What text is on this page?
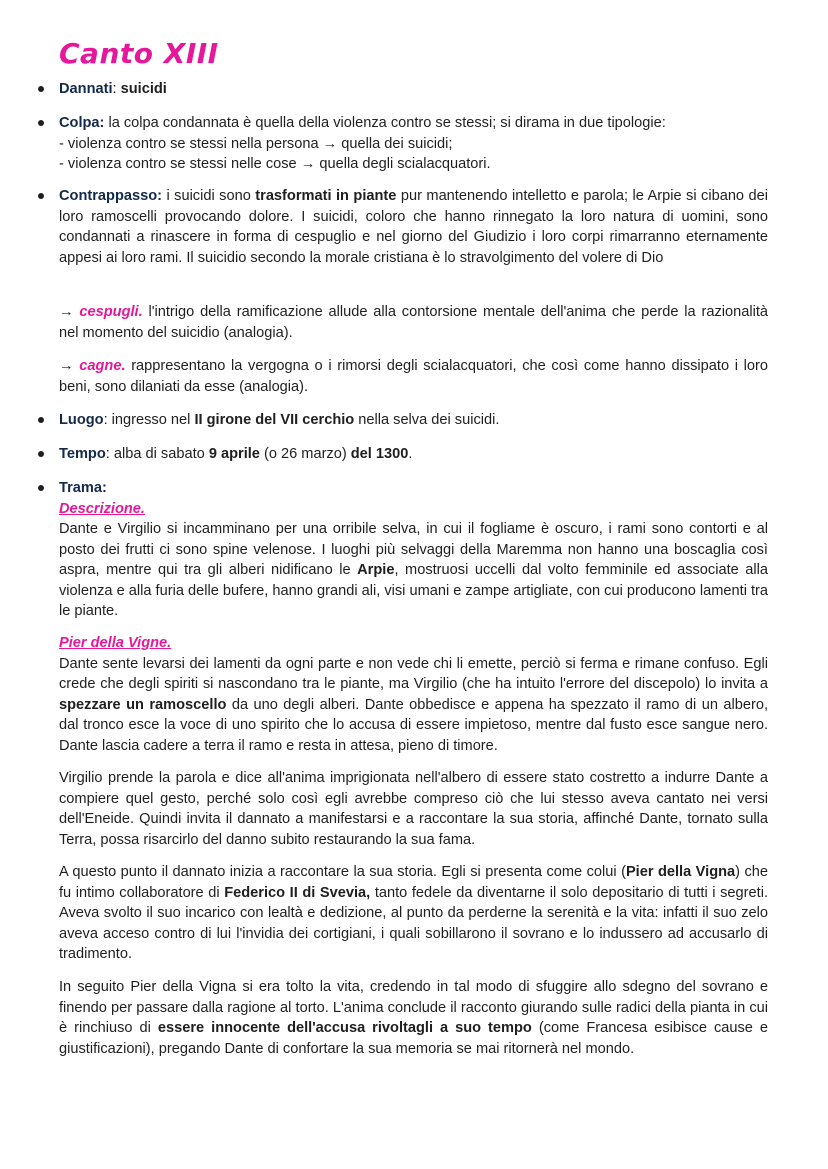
Canto XIII

Dannati: suicidi

Colpa: la colpa condannata è quella della violenza contro se stessi; si dirama in due tipologie:

- violenza contro se stessi nella persona → quella dei suicidi;

- violenza contro se stessi nelle cose → quella degli scialacquatori.

Contrappasso: i suicidi sono trasformati in piante pur mantenendo intelletto e parola; le Arpie si cibano dei loro ramoscelli provocando dolore. I suicidi, coloro che hanno rinnegato la loro natura di uomini, sono condannati a rinascere in forma di cespuglio e nel giorno del Giudizio i loro corpi rimarranno eternamente appesi ai loro rami. Il suicidio secondo la morale cristiana è lo stravolgimento del volere di Dio

→ cespugli. l'intrigo della ramificazione allude alla contorsione mentale dell'anima che perde la razionalità nel momento del suicidio (analogia).

→ cagne. rappresentano la vergogna o i rimorsi degli scialacquatori, che così come hanno dissipato i loro beni, sono dilaniati da esse (analogia).

Luogo: ingresso nel II girone del VII cerchio nella selva dei suicidi.

Tempo: alba di sabato 9 aprile (o 26 marzo) del 1300.

Trama:

Descrizione.

Dante e Virgilio si incamminano per una orribile selva, in cui il fogliame è oscuro, i rami sono contorti e al posto dei frutti ci sono spine velenose. I luoghi più selvaggi della Maremma non hanno una boscaglia così aspra, mentre qui tra gli alberi nidificano le Arpie, mostruosi uccelli dal volto femminile ed associate alla violenza e alla furia delle bufere, hanno grandi ali, visi umani e zampe artigliate, con cui producono lamenti tra le piante.

Pier della Vigne.

Dante sente levarsi dei lamenti da ogni parte e non vede chi li emette, perciò si ferma e rimane confuso. Egli crede che degli spiriti si nascondano tra le piante, ma Virgilio (che ha intuito l'errore del discepolo) lo invita a spezzare un ramoscello da uno degli alberi. Dante obbedisce e appena ha spezzato il ramo di un albero, dal tronco esce la voce di uno spirito che lo accusa di essere impietoso, mentre dal fusto esce sangue nero. Dante lascia cadere a terra il ramo e resta in attesa, pieno di timore.

Virgilio prende la parola e dice all'anima imprigionata nell'albero di essere stato costretto a indurre Dante a compiere quel gesto, perché solo così egli avrebbe compreso ciò che lui stesso aveva cantato nei versi dell'Eneide. Quindi invita il dannato a manifestarsi e a raccontare la sua storia, affinché Dante, tornato sulla Terra, possa risarcirlo del danno subito restaurando la sua fama.

A questo punto il dannato inizia a raccontare la sua storia. Egli si presenta come colui (Pier della Vigna) che fu intimo collaboratore di Federico II di Svevia, tanto fedele da diventarne il solo depositario di tutti i segreti. Aveva svolto il suo incarico con lealtà e dedizione, al punto da perderne la serenità e la vita: infatti il suo zelo aveva acceso contro di lui l'invidia dei cortigiani, i quali sobillarono il sovrano e lo indussero ad accusarlo di tradimento.

In seguito Pier della Vigna si era tolto la vita, credendo in tal modo di sfuggire allo sdegno del sovrano e finendo per passare dalla ragione al torto. L'anima conclude il racconto giurando sulle radici della pianta in cui è rinchiuso di essere innocente dell'accusa rivoltagli a suo tempo (come Francesa esibisce cause e giustificazioni), pregando Dante di confortare la sua memoria se mai ritornerà nel mondo.
